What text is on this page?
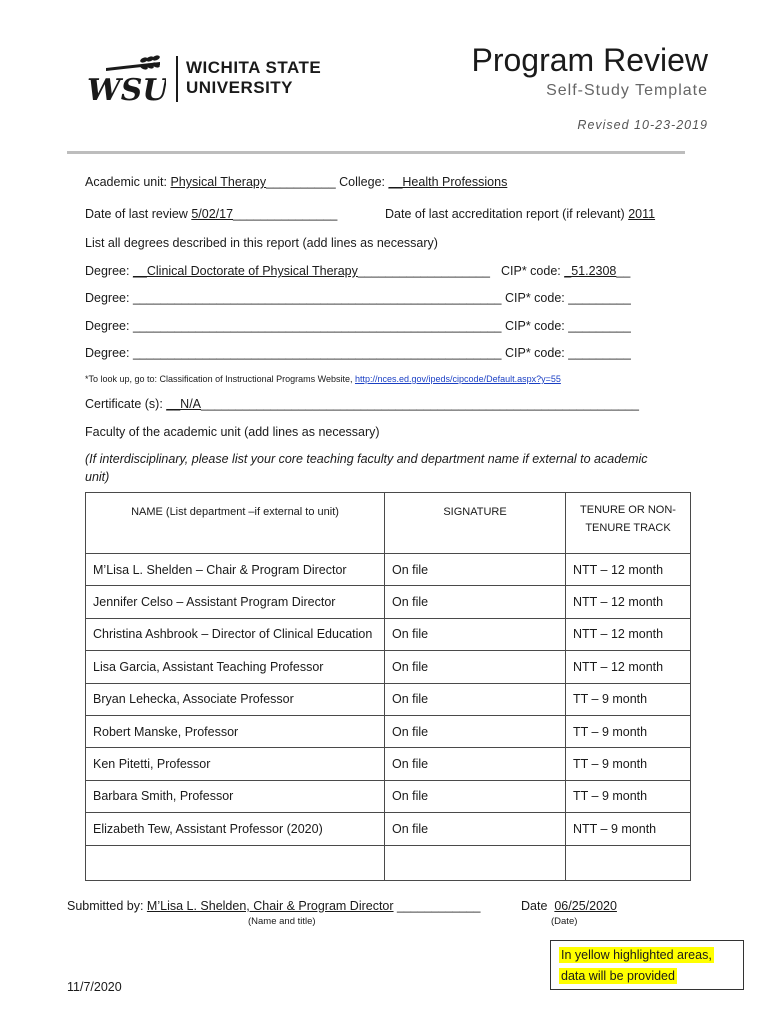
WSU
WICHITA STATE
UNIVERSITY
Program Review
Self-Study Template
Revised 10-23-2019
Academic unit: Physical Therapy__________ College: __Health Professions
Date of last review 5/02/17_______________	Date of last accreditation report (if relevant) 2011
List all degrees described in this report (add lines as necessary)
Degree: __Clinical Doctorate of Physical Therapy___________________ CIP* code: _51.2308__
Degree: _____________________________________________________ CIP* code: _________
Degree: _____________________________________________________ CIP* code: _________
Degree: _____________________________________________________ CIP* code: _________
*To look up, go to: Classification of Instructional Programs Website, http://nces.ed.gov/ipeds/cipcode/Default.aspx?y=55
Certificate (s): __N/A_______________________________________________________________
Faculty of the academic unit (add lines as necessary)
(If interdisciplinary, please list your core teaching faculty and department name if external to academic
unit)
NAME (List department –if external to unit)	SIGNATURE	TENURE OR NON-
TENURE TRACK

M’Lisa L. Shelden – Chair & Program Director	On file	NTT – 12 month
Jennifer Celso – Assistant Program Director	On file	NTT – 12 month
Christina Ashbrook – Director of Clinical Education	On file	NTT – 12 month
Lisa Garcia, Assistant Teaching Professor	On file	NTT – 12 month
Bryan Lehecka, Associate Professor	On file	TT – 9 month
Robert Manske, Professor	On file	TT – 9 month
Ken Pitetti, Professor	On file	TT – 9 month
Barbara Smith, Professor	On file	TT – 9 month
Elizabeth Tew, Assistant Professor (2020)	On file	NTT – 9 month

Submitted by: M’Lisa L. Shelden, Chair & Program Director ____________
(Name and title)
Date 06/25/2020
(Date)
In yellow highlighted areas,
data will be provided
11/7/2020
